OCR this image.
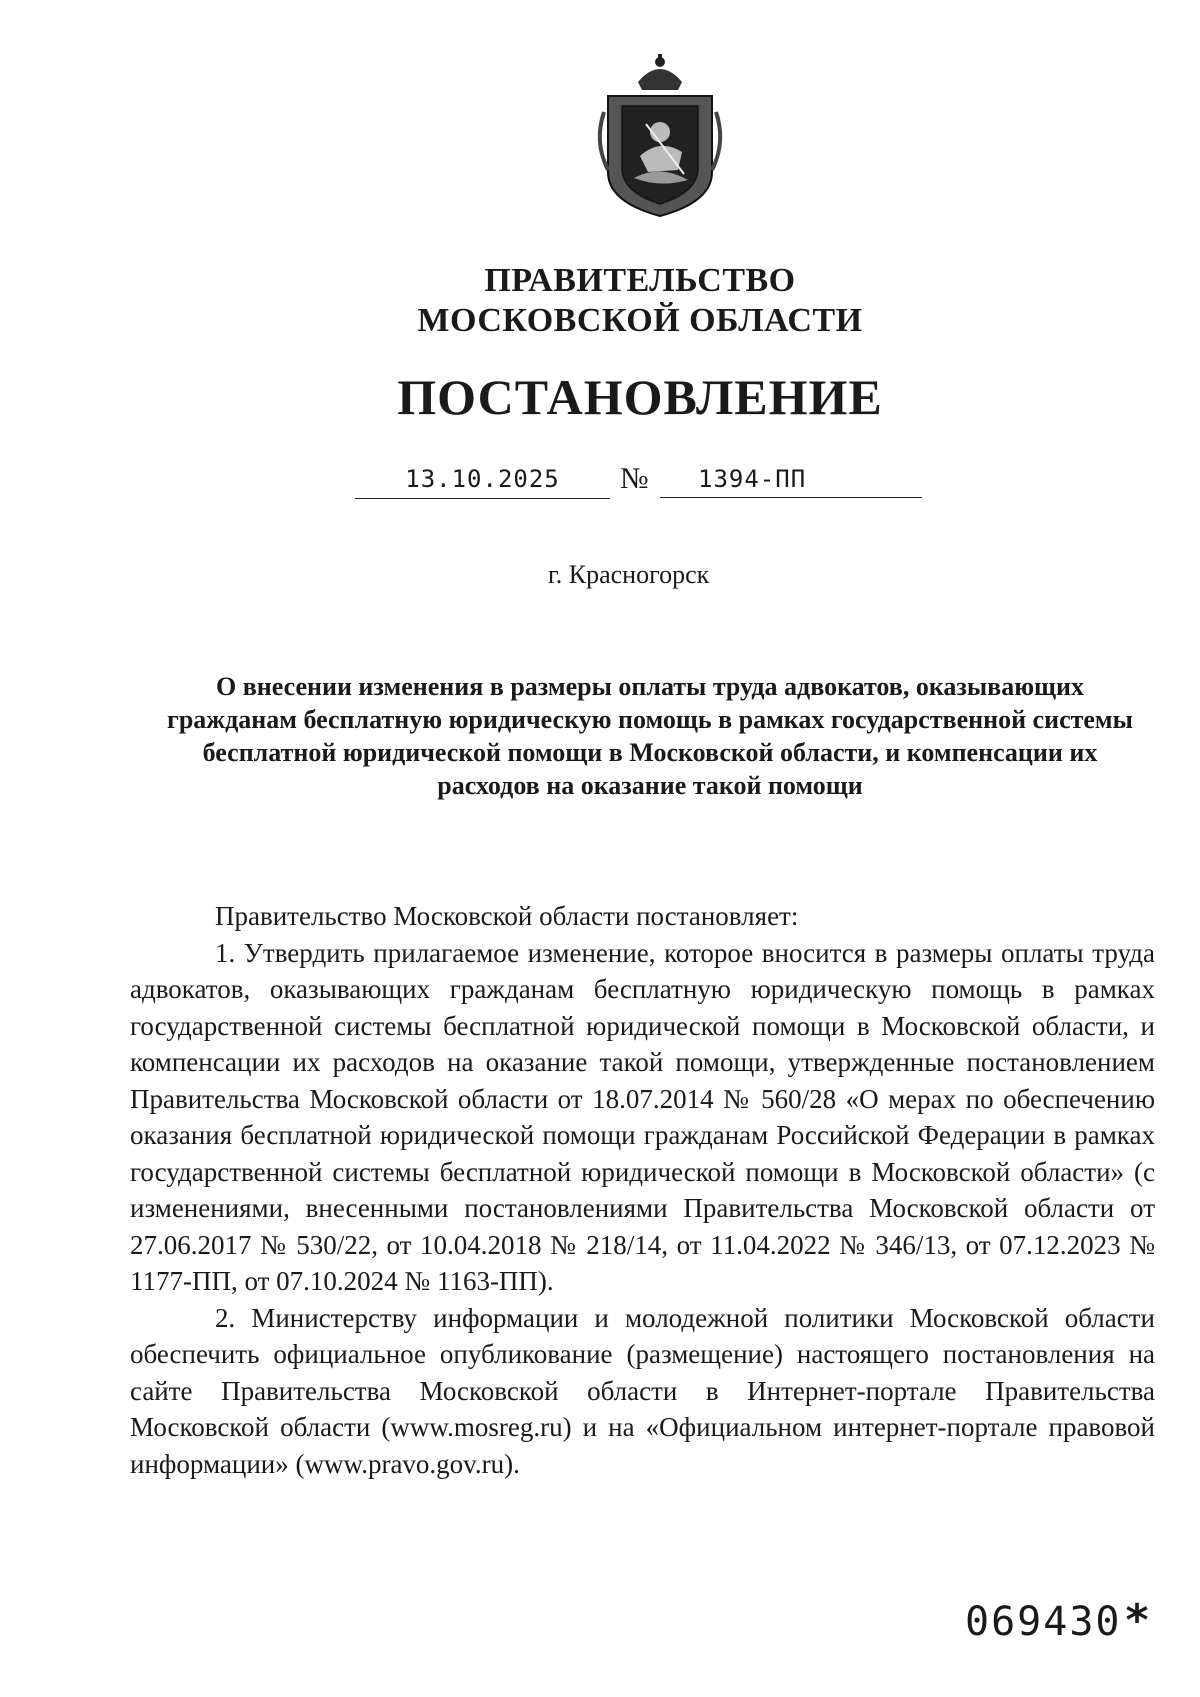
ПРАВИТЕЛЬСТВО
МОСКОВСКОЙ ОБЛАСТИ
ПОСТАНОВЛЕНИЕ
13.10.2025	№	1394-ПП
г. Красногорск
О внесении изменения в размеры оплаты труда адвокатов, оказывающих гражданам бесплатную юридическую помощь в рамках государственной системы бесплатной юридической помощи в Московской области, и компенсации их расходов на оказание такой помощи

Правительство Московской области постановляет:

1. Утвердить прилагаемое изменение, которое вносится в размеры оплаты труда адвокатов, оказывающих гражданам бесплатную юридическую помощь в рамках государственной системы бесплатной юридической помощи в Московской области, и компенсации их расходов на оказание такой помощи, утвержденные постановлением Правительства Московской области от 18.07.2014 № 560/28 «О мерах по обеспечению оказания бесплатной юридической помощи гражданам Российской Федерации в рамках государственной системы бесплатной юридической помощи в Московской области» (с изменениями, внесенными постановлениями Правительства Московской области от 27.06.2017 № 530/22, от 10.04.2018 № 218/14, от 11.04.2022 № 346/13, от 07.12.2023 № 1177-ПП, от 07.10.2024 № 1163-ПП).

2. Министерству информации и молодежной политики Московской области обеспечить официальное опубликование (размещение) настоящего постановления на сайте Правительства Московской области в Интернет-портале Правительства Московской области (www.mosreg.ru) и на «Официальном интернет-портале правовой информации» (www.pravo.gov.ru).

069430*
